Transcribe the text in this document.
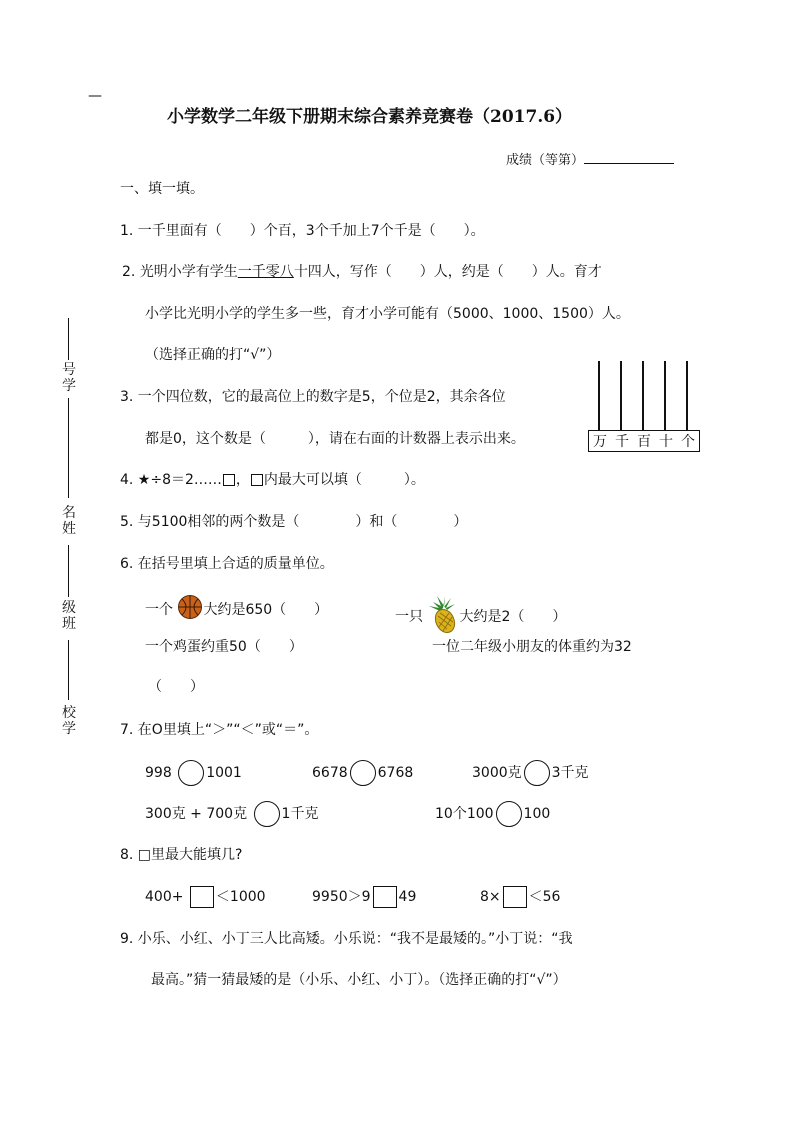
—
小学数学二年级下册期末综合素养竞赛卷（2017.6）
成绩（等第）
号学
名姓
级班
校学
一、填一填。
1. 一千里面有（　　）个百，3个千加上7个千是（　　）。
2. 光明小学有学生一千零八十四人，写作（　　）人，约是（　　）人。育才
小学比光明小学的学生多一些，育才小学可能有（5000、1000、1500）人。
（选择正确的打“√”）
3. 一个四位数，它的最高位上的数字是5，个位是2，其余各位
都是0，这个数是（　　　），请在右面的计数器上表示出来。	万 千 百 十 个
4. ★÷8＝2…… ， 内最大可以填（　　　）。
5. 与5100相邻的两个数是（　　　　）和（　　　　）
6. 在括号里填上合适的质量单位。
一个 大约是650（　　）	一只	大约是2（　　）
一个鸡蛋约重50（　　）	一位二年级小朋友的体重约为32
（　　）
7. 在O里填上“＞”“＜”或“＝”。
998 1001	6678 6768	3000克 3千克
300克 + 700克 1千克	10个100 100
8. □里最大能填几?
400+ ＜1000	9950＞9 49	8× ＜56
9. 小乐、小红、小丁三人比高矮。小乐说：“我不是最矮的。”小丁说：“我
最高。”猜一猜最矮的是（小乐、小红、小丁）。（选择正确的打“√”）
